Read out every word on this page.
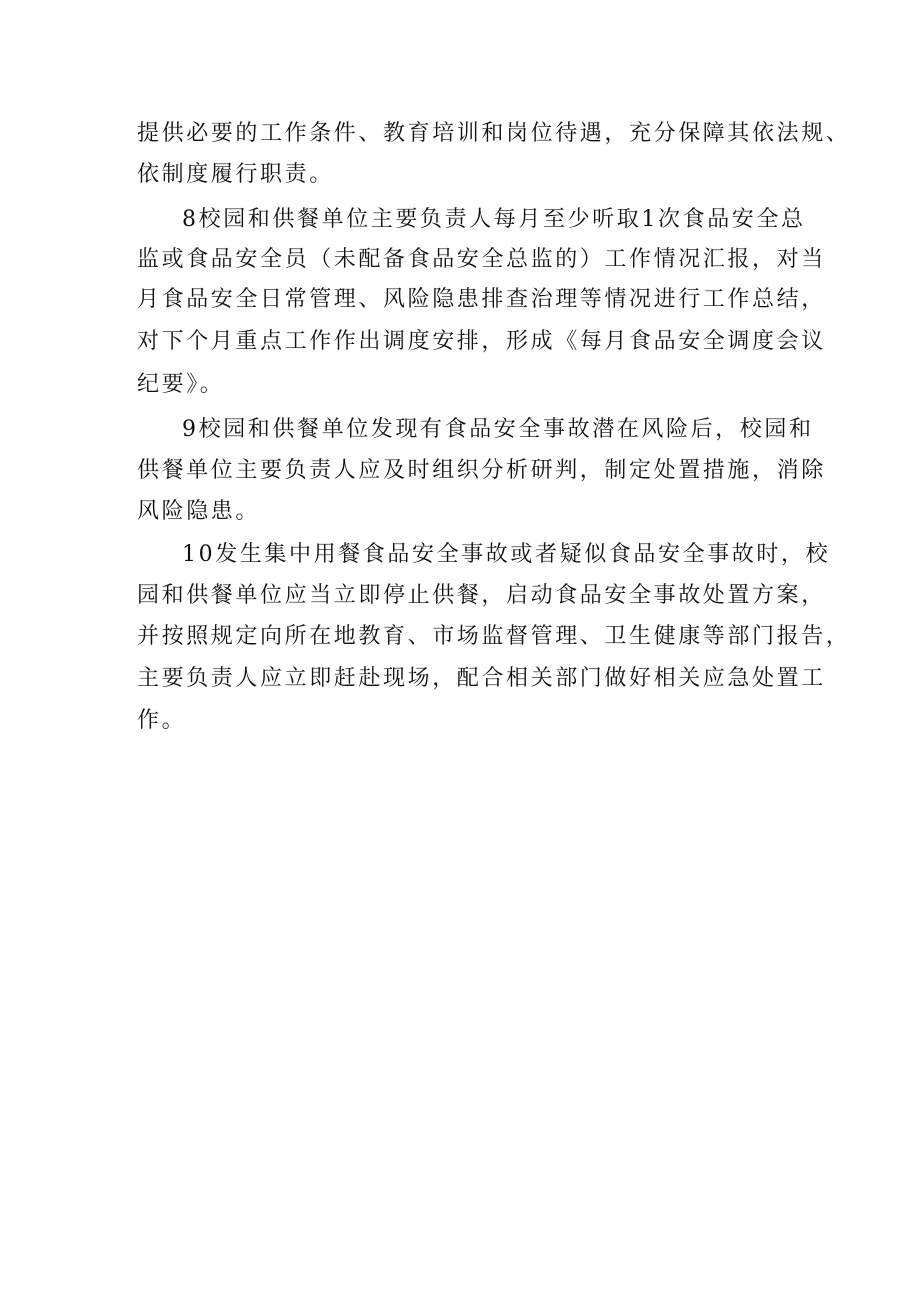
提供必要的工作条件、教育培训和岗位待遇，充分保障其依法规、
依制度履行职责。
8校园和供餐单位主要负责人每月至少听取1次食品安全总
监或食品安全员（未配备食品安全总监的）工作情况汇报，对当
月食品安全日常管理、风险隐患排查治理等情况进行工作总结，
对下个月重点工作作出调度安排，形成《每月食品安全调度会议
纪要》。
9校园和供餐单位发现有食品安全事故潜在风险后，校园和
供餐单位主要负责人应及时组织分析研判，制定处置措施，消除
风险隐患。
10发生集中用餐食品安全事故或者疑似食品安全事故时，校
园和供餐单位应当立即停止供餐，启动食品安全事故处置方案，
并按照规定向所在地教育、市场监督管理、卫生健康等部门报告，
主要负责人应立即赶赴现场，配合相关部门做好相关应急处置工
作。
